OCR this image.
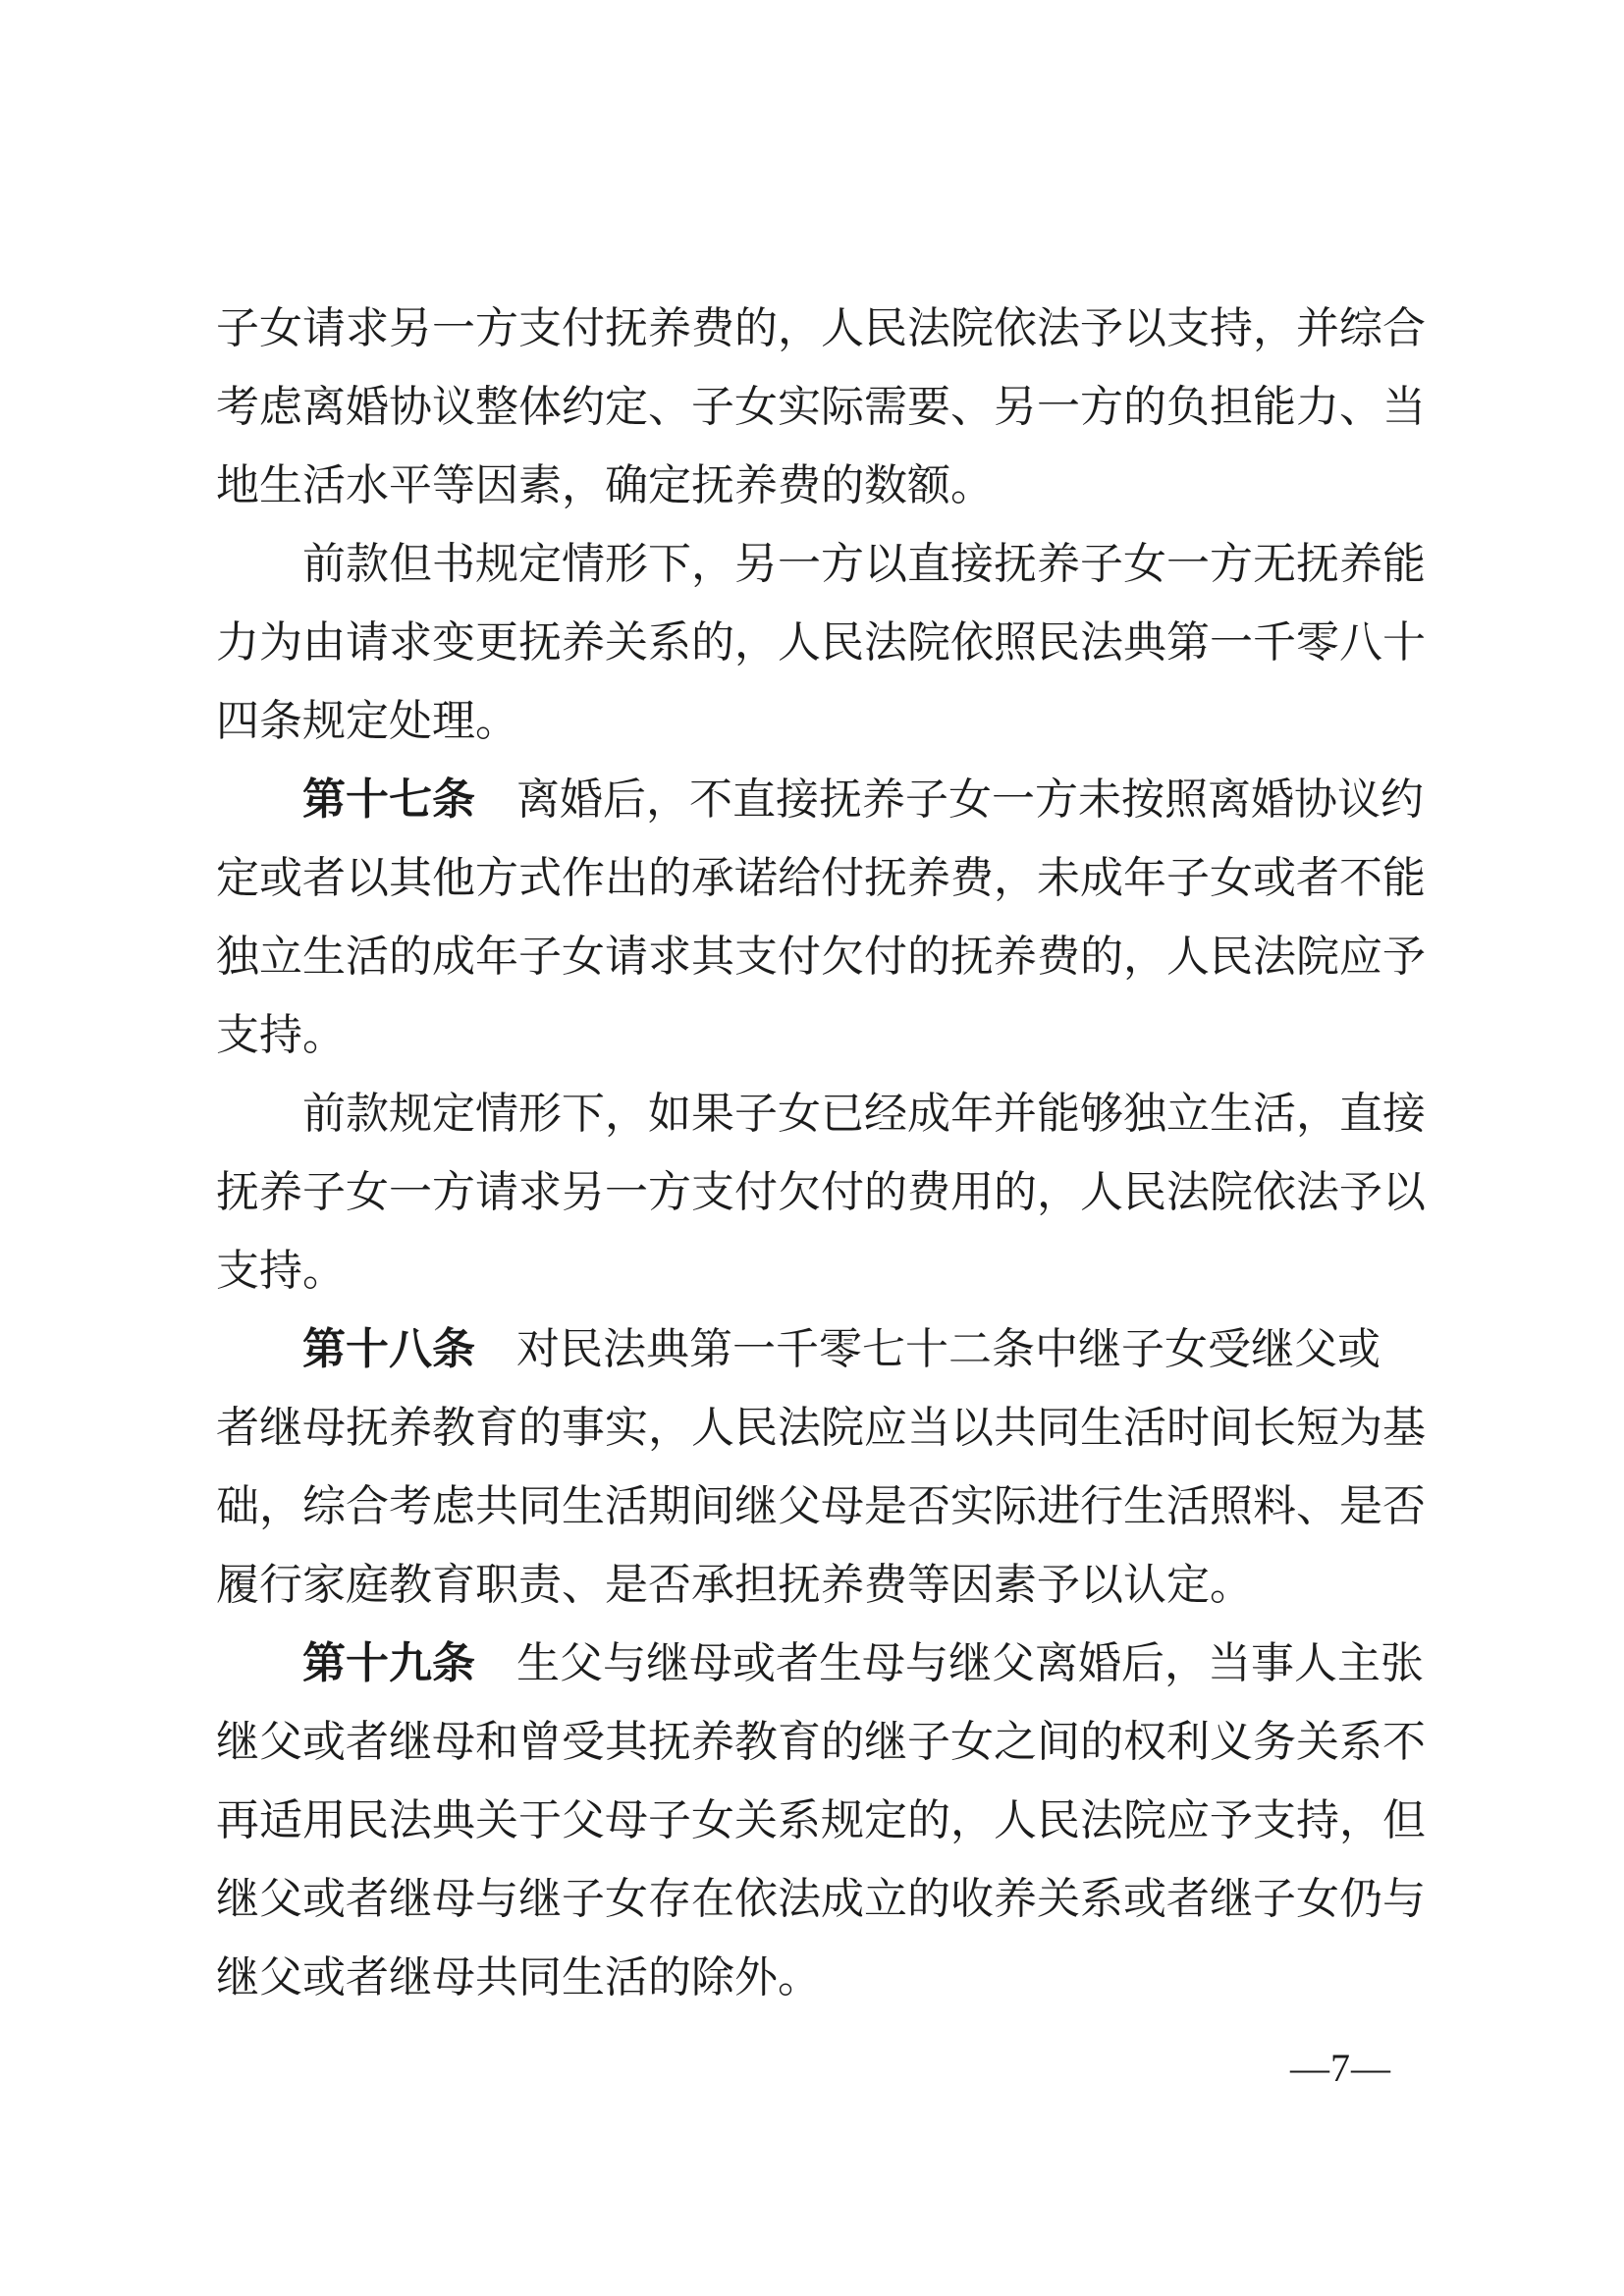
子女请求另一方支付抚养费的，人民法院依法予以支持，并综合
考虑离婚协议整体约定、子女实际需要、另一方的负担能力、当
地生活水平等因素，确定抚养费的数额。
前款但书规定情形下，另一方以直接抚养子女一方无抚养能
力为由请求变更抚养关系的，人民法院依照民法典第一千零八十
四条规定处理。
第十七条 离婚后，不直接抚养子女一方未按照离婚协议约
定或者以其他方式作出的承诺给付抚养费，未成年子女或者不能
独立生活的成年子女请求其支付欠付的抚养费的，人民法院应予
支持。
前款规定情形下，如果子女已经成年并能够独立生活，直接
抚养子女一方请求另一方支付欠付的费用的，人民法院依法予以
支持。
第十八条 对民法典第一千零七十二条中继子女受继父或
者继母抚养教育的事实，人民法院应当以共同生活时间长短为基
础，综合考虑共同生活期间继父母是否实际进行生活照料、是否
履行家庭教育职责、是否承担抚养费等因素予以认定。
第十九条 生父与继母或者生母与继父离婚后，当事人主张
继父或者继母和曾受其抚养教育的继子女之间的权利义务关系不
再适用民法典关于父母子女关系规定的，人民法院应予支持，但
继父或者继母与继子女存在依法成立的收养关系或者继子女仍与
继父或者继母共同生活的除外。
—7—
